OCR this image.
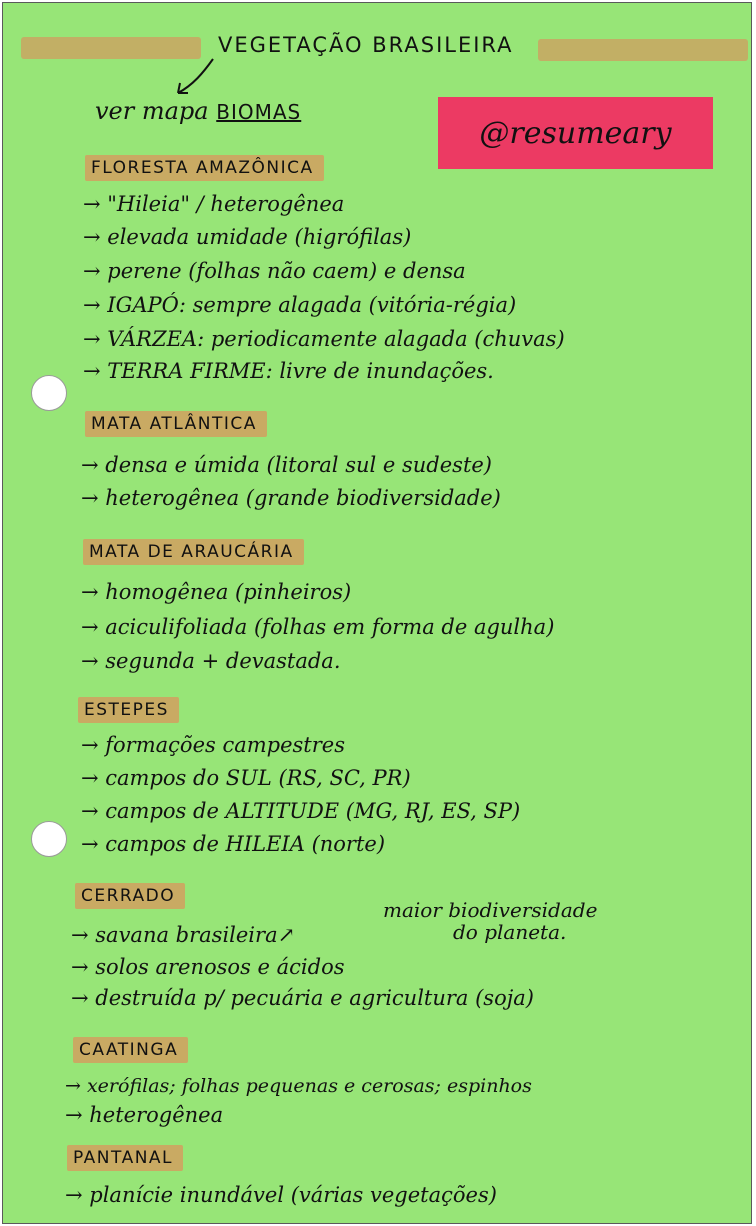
VEGETAÇÃO BRASILEIRA
ver mapa BIOMAS
@resumeary
FLORESTA AMAZÔNICA
→ "Hileia" / heterogênea
→ elevada umidade (higrófilas)
→ perene (folhas não caem) e densa
→ IGAPÓ: sempre alagada (vitória-régia)
→ VÁRZEA: periodicamente alagada (chuvas)
→ TERRA FIRME: livre de inundações.
MATA ATLÂNTICA
→ densa e úmida (litoral sul e sudeste)
→ heterogênea (grande biodiversidade)
MATA DE ARAUCÁRIA
→ homogênea (pinheiros)
→ aciculifoliada (folhas em forma de agulha)
→ segunda + devastada.
ESTEPES
→ formações campestres
→ campos do SUL (RS, SC, PR)
→ campos de ALTITUDE (MG, RJ, ES, SP)
→ campos de HILEIA (norte)
CERRADO
→ savana brasileira↗
→ solos arenosos e ácidos
→ destruída p/ pecuária e agricultura (soja)
maior biodiversidade
do planeta.
CAATINGA
→ xerófilas; folhas pequenas e cerosas; espinhos
→ heterogênea
PANTANAL
→ planície inundável (várias vegetações)
